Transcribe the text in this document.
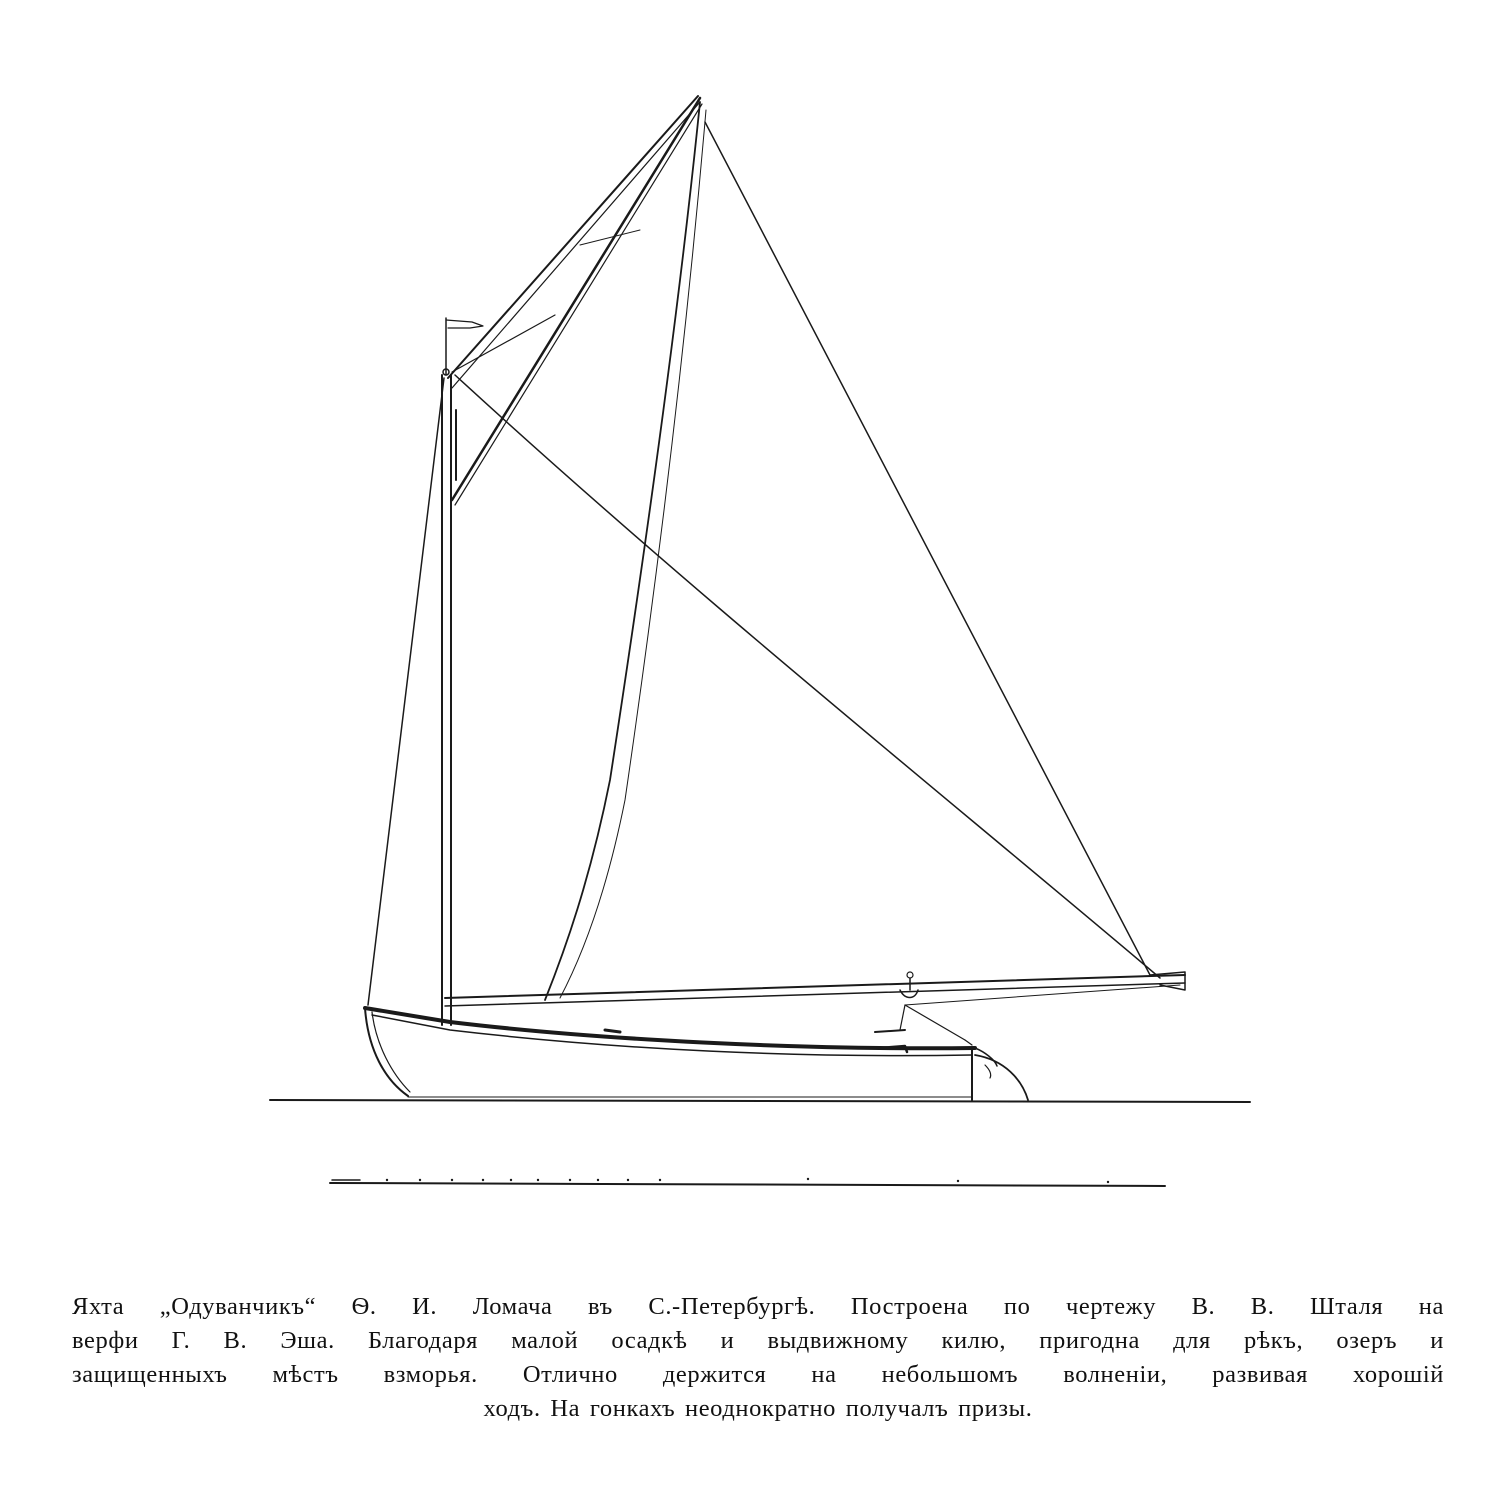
Яхта „Одуванчикъ“ Ѳ. И. Ломача въ С.-Петербургѣ. Построена по чертежу В. В. Шталя на
верфи Г. В. Эша. Благодаря малой осадкѣ и выдвижному килю, пригодна для рѣкъ, озеръ и
защищенныхъ мѣстъ взморья. Отлично держится на небольшомъ волненіи, развивая хорошій
ходъ. На гонкахъ неоднократно получалъ призы.
